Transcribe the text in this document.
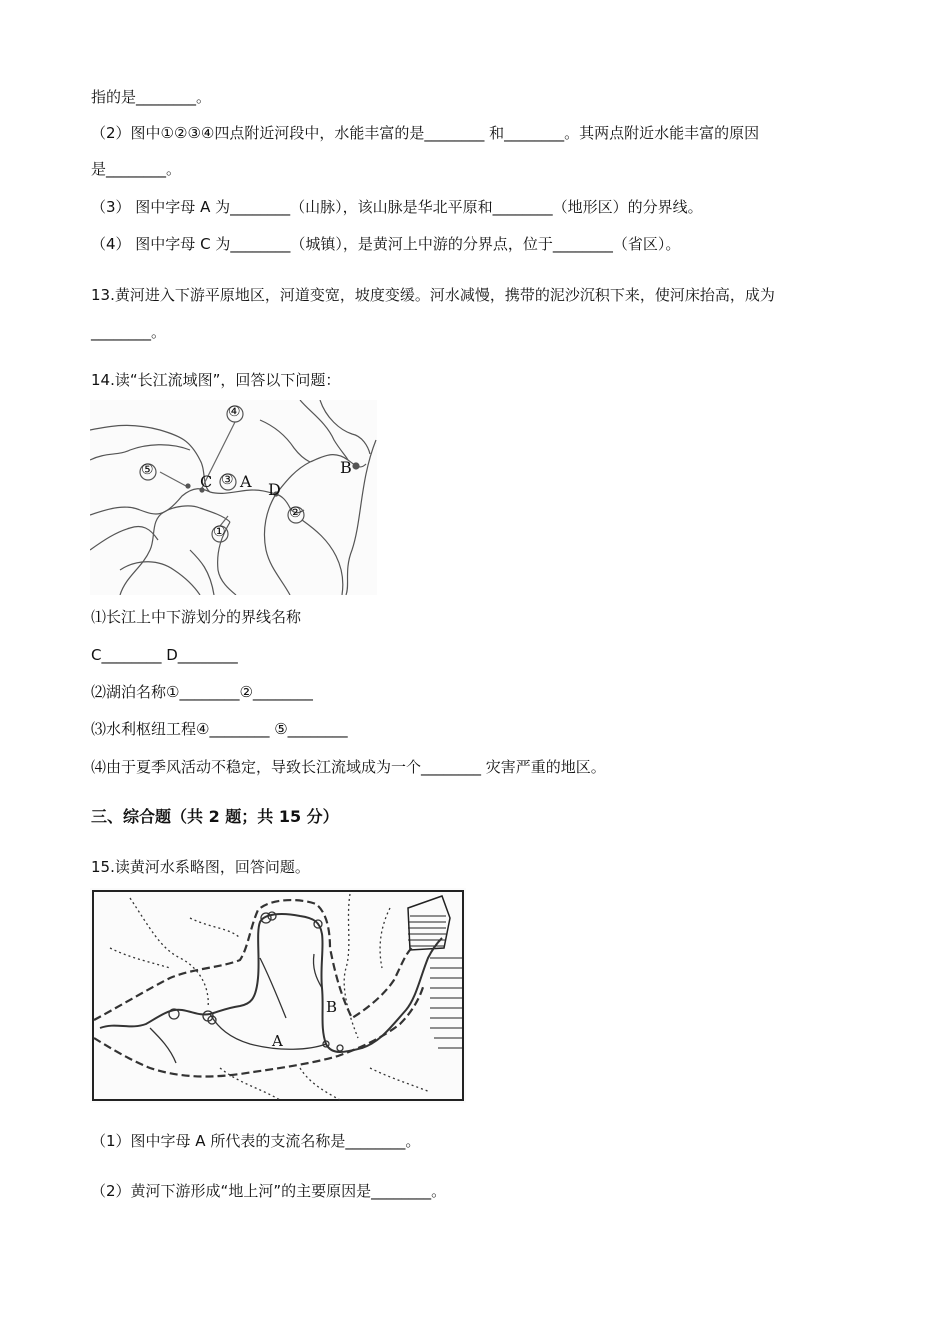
指的是________。
（2）图中①②③④四点附近河段中，水能丰富的是________ 和________。其两点附近水能丰富的原因
是________。
（3） 图中字母 A 为________（山脉），该山脉是华北平原和________（地形区）的分界线。
（4） 图中字母 C 为________（城镇），是黄河上中游的分界点，位于________（省区）。
13.黄河进入下游平原地区，河道变宽，坡度变缓。河水减慢，携带的泥沙沉积下来，使河床抬高，成为
________。
14.读“长江流域图”，回答以下问题：
④
⑤
C ③ A D
②
①
B
⑴长江上中下游划分的界线名称
C________ D________
⑵湖泊名称①________②________
⑶水利枢纽工程④________ ⑤________
⑷由于夏季风活动不稳定，导致长江流域成为一个________ 灾害严重的地区。
三、综合题（共 2 题；共 15 分）
15.读黄河水系略图，回答问题。
B
A
（1）图中字母 A 所代表的支流名称是________。
（2）黄河下游形成“地上河”的主要原因是________。
